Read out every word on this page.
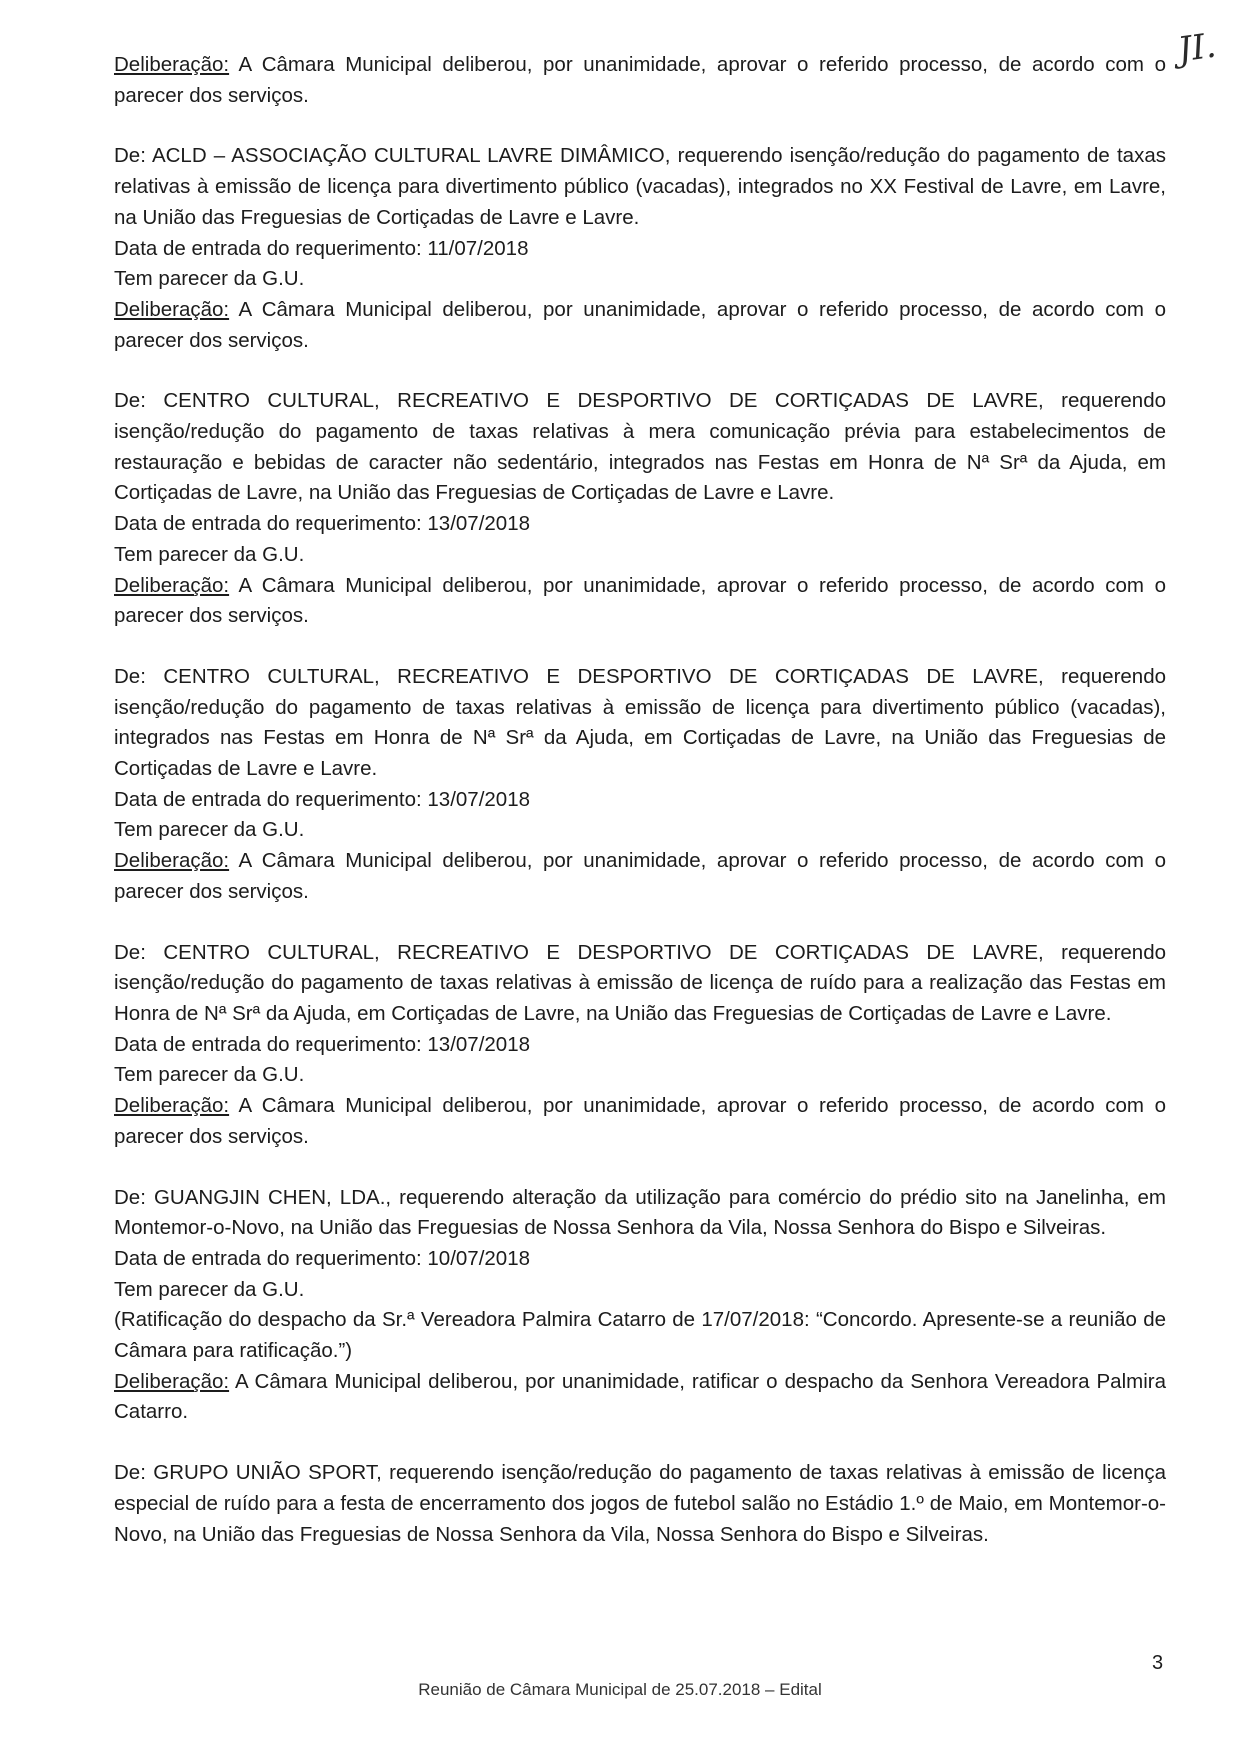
JI.

Deliberação: A Câmara Municipal deliberou, por unanimidade, aprovar o referido processo, de acordo com o parecer dos serviços.

De: ACLD – ASSOCIAÇÃO CULTURAL LAVRE DIMÂMICO, requerendo isenção/redução do pagamento de taxas relativas à emissão de licença para divertimento público (vacadas), integrados no XX Festival de Lavre, em Lavre, na União das Freguesias de Cortiçadas de Lavre e Lavre.

Data de entrada do requerimento: 11/07/2018

Tem parecer da G.U.

Deliberação: A Câmara Municipal deliberou, por unanimidade, aprovar o referido processo, de acordo com o parecer dos serviços.

De: CENTRO CULTURAL, RECREATIVO E DESPORTIVO DE CORTIÇADAS DE LAVRE, requerendo isenção/redução do pagamento de taxas relativas à mera comunicação prévia para estabelecimentos de restauração e bebidas de caracter não sedentário, integrados nas Festas em Honra de Nª Srª da Ajuda, em Cortiçadas de Lavre, na União das Freguesias de Cortiçadas de Lavre e Lavre.

Data de entrada do requerimento: 13/07/2018

Tem parecer da G.U.

Deliberação: A Câmara Municipal deliberou, por unanimidade, aprovar o referido processo, de acordo com o parecer dos serviços.

De: CENTRO CULTURAL, RECREATIVO E DESPORTIVO DE CORTIÇADAS DE LAVRE, requerendo isenção/redução do pagamento de taxas relativas à emissão de licença para divertimento público (vacadas), integrados nas Festas em Honra de Nª Srª da Ajuda, em Cortiçadas de Lavre, na União das Freguesias de Cortiçadas de Lavre e Lavre.

Data de entrada do requerimento: 13/07/2018

Tem parecer da G.U.

Deliberação: A Câmara Municipal deliberou, por unanimidade, aprovar o referido processo, de acordo com o parecer dos serviços.

De: CENTRO CULTURAL, RECREATIVO E DESPORTIVO DE CORTIÇADAS DE LAVRE, requerendo isenção/redução do pagamento de taxas relativas à emissão de licença de ruído para a realização das Festas em Honra de Nª Srª da Ajuda, em Cortiçadas de Lavre, na União das Freguesias de Cortiçadas de Lavre e Lavre.

Data de entrada do requerimento: 13/07/2018

Tem parecer da G.U.

Deliberação: A Câmara Municipal deliberou, por unanimidade, aprovar o referido processo, de acordo com o parecer dos serviços.

De: GUANGJIN CHEN, LDA., requerendo alteração da utilização para comércio do prédio sito na Janelinha, em Montemor-o-Novo, na União das Freguesias de Nossa Senhora da Vila, Nossa Senhora do Bispo e Silveiras.

Data de entrada do requerimento: 10/07/2018

Tem parecer da G.U.

(Ratificação do despacho da Sr.ª Vereadora Palmira Catarro de 17/07/2018: “Concordo. Apresente-se a reunião de Câmara para ratificação.”)

Deliberação: A Câmara Municipal deliberou, por unanimidade, ratificar o despacho da Senhora Vereadora Palmira Catarro.

De: GRUPO UNIÃO SPORT, requerendo isenção/redução do pagamento de taxas relativas à emissão de licença especial de ruído para a festa de encerramento dos jogos de futebol salão no Estádio 1.º de Maio, em Montemor-o-Novo, na União das Freguesias de Nossa Senhora da Vila, Nossa Senhora do Bispo e Silveiras.

3
Reunião de Câmara Municipal de 25.07.2018 – Edital
